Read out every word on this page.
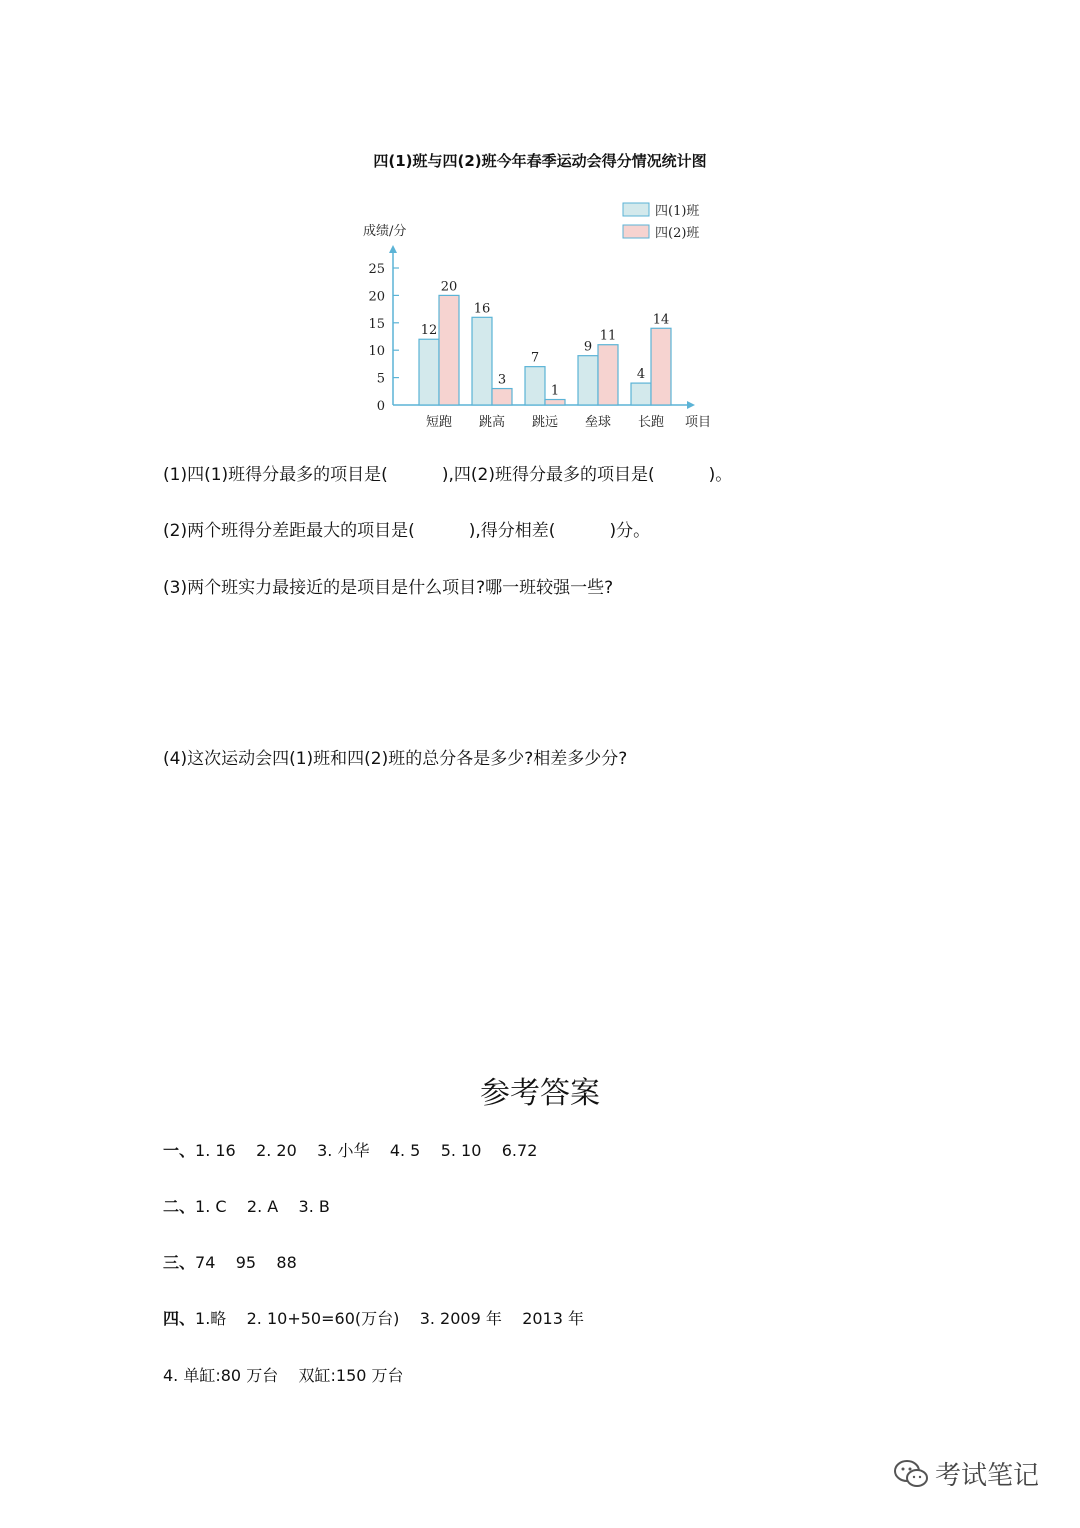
四(1)班与四(2)班今年春季运动会得分情况统计图
四(1)班
四(2)班
成绩/分
项目
0
5
10
15
20
25
12
20
短跑
16
3
跳高
7
1
跳远
9
11
垒球
4
14
长跑
(1)四(1)班得分最多的项目是(          ),四(2)班得分最多的项目是(          )。
(2)两个班得分差距最大的项目是(          ),得分相差(          )分。
(3)两个班实力最接近的是项目是什么项目?哪一班较强一些?
(4)这次运动会四(1)班和四(2)班的总分各是多少?相差多少分?
参考答案
一、1. 16    2. 20    3. 小华    4. 5    5. 10    6.72
二、1. C    2. A    3. B
三、74    95    88
四、1.略    2. 10+50=60(万台)    3. 2009 年    2013 年
4. 单缸:80 万台    双缸:150 万台
考试笔记
